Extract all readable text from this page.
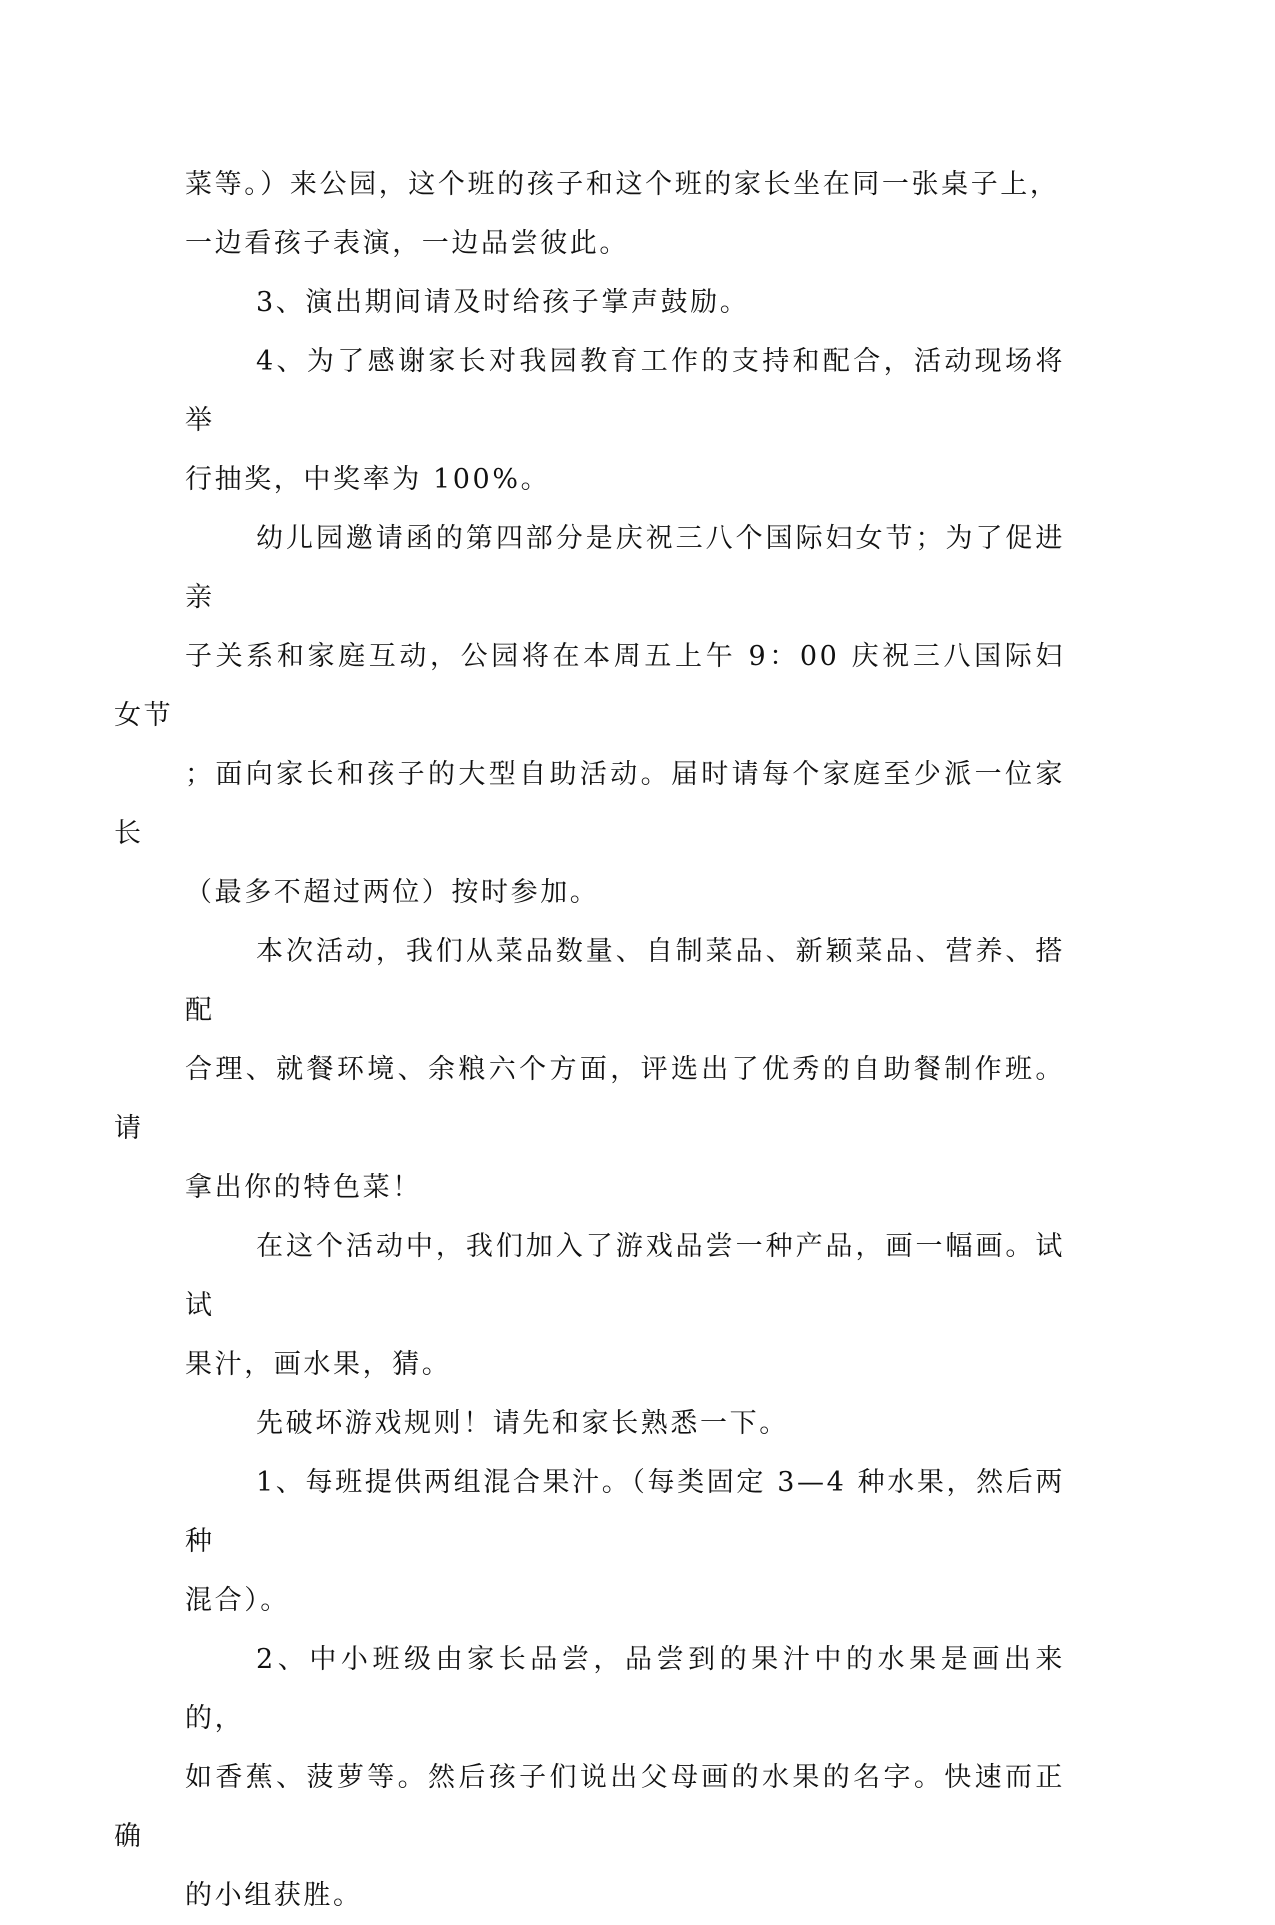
菜等。）来公园，这个班的孩子和这个班的家长坐在同一张桌子上，
一边看孩子表演，一边品尝彼此。

3、演出期间请及时给孩子掌声鼓励。

4、为了感谢家长对我园教育工作的支持和配合，活动现场将举
行抽奖，中奖率为 100%。

幼儿园邀请函的第四部分是庆祝三八个国际妇女节；为了促进亲
子关系和家庭互动，公园将在本周五上午 9：00 庆祝三八国际妇女节
；面向家长和孩子的大型自助活动。届时请每个家庭至少派一位家长
（最多不超过两位）按时参加。

本次活动，我们从菜品数量、自制菜品、新颖菜品、营养、搭配
合理、就餐环境、余粮六个方面，评选出了优秀的自助餐制作班。请
拿出你的特色菜！

在这个活动中，我们加入了游戏品尝一种产品，画一幅画。试试
果汁，画水果，猜。

先破坏游戏规则！请先和家长熟悉一下。

1、每班提供两组混合果汁。（每类固定 3—4 种水果，然后两种
混合）。

2、中小班级由家长品尝，品尝到的果汁中的水果是画出来的，
如香蕉、菠萝等。然后孩子们说出父母画的水果的名字。快速而正确
的小组获胜。
